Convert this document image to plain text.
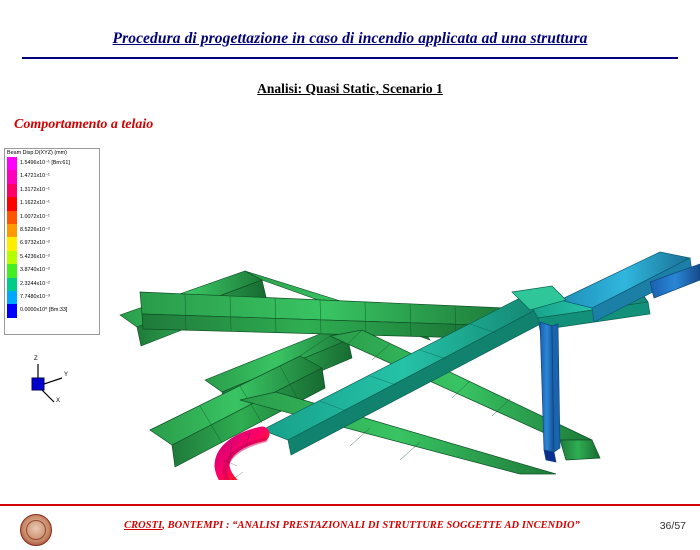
Procedura di progettazione in caso di incendio applicata ad una struttura
Analisi: Quasi Static, Scenario 1
Comportamento a telaio
Beam Disp.D(XYZ) (mm)
1.5496x10⁻¹ [Bm:61]
1.4721x10⁻¹
1.3172x10⁻¹
1.1622x10⁻¹
1.0072x10⁻¹
8.5226x10⁻²
6.9732x10⁻²
5.4236x10⁻²
3.8740x10⁻²
2.3244x10⁻²
7.7480x10⁻³
0.0000x10⁰ [Bm:33]

Z
Y
X
CROSTI, BONTEMPI : “ANALISI PRESTAZIONALI DI STRUTTURE SOGGETTE AD INCENDIO”	36/57
